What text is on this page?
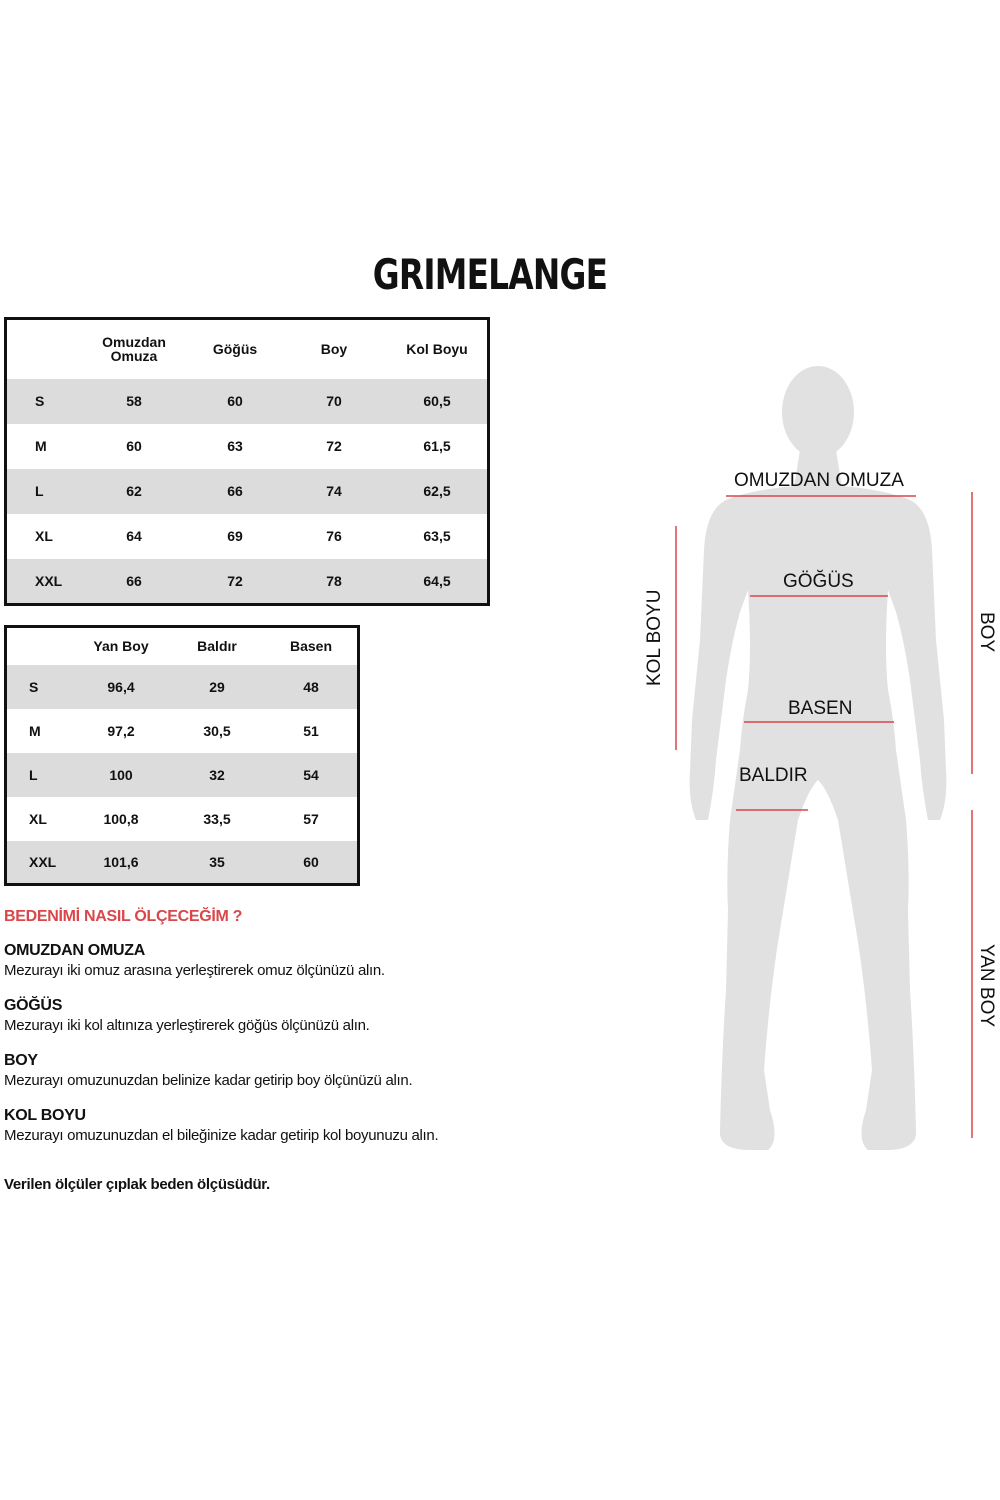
GRIMELANGE
	Omuzdan Omuza	Göğüs	Boy	Kol Boyu
S	58	60	70	60,5
M	60	63	72	61,5
L	62	66	74	62,5
XL	64	69	76	63,5
XXL	66	72	78	64,5
	Yan Boy	Baldır	Basen
S	96,4	29	48
M	97,2	30,5	51
L	100	32	54
XL	100,8	33,5	57
XXL	101,6	35	60

BEDENİMİ NASIL ÖLÇECEĞİM ?

OMUZDAN OMUZA

Mezurayı iki omuz arasına yerleştirerek omuz ölçünüzü alın.

GÖĞÜS

Mezurayı iki kol altınıza yerleştirerek göğüs ölçünüzü alın.

BOY

Mezurayı omuzunuzdan belinize kadar getirip boy ölçünüzü alın.

KOL BOYU

Mezurayı omuzunuzdan el bileğinize kadar getirip kol boyunuzu alın.

Verilen ölçüler çıplak beden ölçüsüdür.

OMUZDAN OMUZA
GÖĞÜS
BASEN
BALDIR
KOL BOYU	BOY
YAN BOY
